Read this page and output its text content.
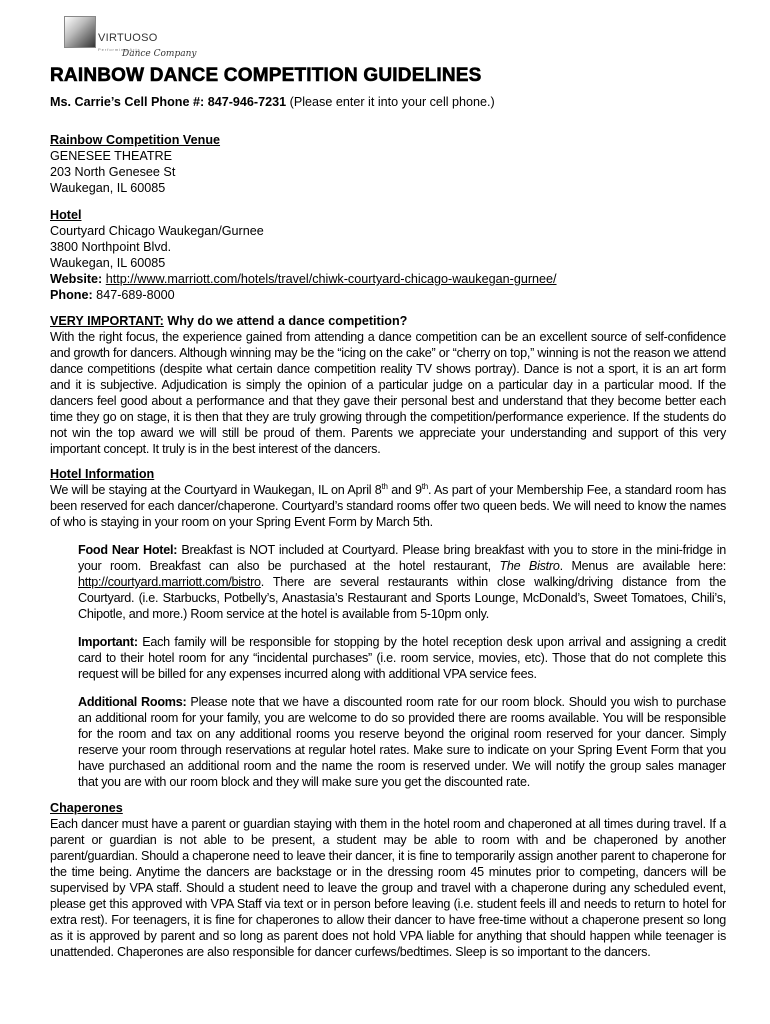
VIRTUOSO
Performing Arts
Dance Company
RAINBOW DANCE COMPETITION GUIDELINES

Ms. Carrie’s Cell Phone #: 847-946-7231 (Please enter it into your cell phone.)

Rainbow Competition Venue

GENESEE THEATRE

203 North Genesee St

Waukegan, IL 60085

Hotel

Courtyard Chicago Waukegan/Gurnee

3800 Northpoint Blvd.

Waukegan, IL 60085

Website: http://www.marriott.com/hotels/travel/chiwk-courtyard-chicago-waukegan-gurnee/

Phone: 847-689-8000

VERY IMPORTANT: Why do we attend a dance competition?

With the right focus, the experience gained from attending a dance competition can be an excellent source of self-confidence and growth for dancers. Although winning may be the “icing on the cake” or “cherry on top,” winning is not the reason we attend dance competitions (despite what certain dance competition reality TV shows portray). Dance is not a sport, it is an art form and it is subjective. Adjudication is simply the opinion of a particular judge on a particular day in a particular mood. If the dancers feel good about a performance and that they gave their personal best and understand that they become better each time they go on stage, it is then that they are truly growing through the competition/performance experience. If the students do not win the top award we will still be proud of them. Parents we appreciate your understanding and support of this very important concept. It truly is in the best interest of the dancers.

Hotel Information

We will be staying at the Courtyard in Waukegan, IL on April 8th and 9th. As part of your Membership Fee, a standard room has been reserved for each dancer/chaperone. Courtyard’s standard rooms offer two queen beds. We will need to know the names of who is staying in your room on your Spring Event Form by March 5th.

Food Near Hotel: Breakfast is NOT included at Courtyard. Please bring breakfast with you to store in the mini-fridge in your room. Breakfast can also be purchased at the hotel restaurant, The Bistro. Menus are available here: http://courtyard.marriott.com/bistro. There are several restaurants within close walking/driving distance from the Courtyard. (i.e. Starbucks, Potbelly’s, Anastasia’s Restaurant and Sports Lounge, McDonald’s, Sweet Tomatoes, Chili’s, Chipotle, and more.) Room service at the hotel is available from 5-10pm only.

Important: Each family will be responsible for stopping by the hotel reception desk upon arrival and assigning a credit card to their hotel room for any “incidental purchases” (i.e. room service, movies, etc). Those that do not complete this request will be billed for any expenses incurred along with additional VPA service fees.

Additional Rooms: Please note that we have a discounted room rate for our room block. Should you wish to purchase an additional room for your family, you are welcome to do so provided there are rooms available. You will be responsible for the room and tax on any additional rooms you reserve beyond the original room reserved for your dancer. Simply reserve your room through reservations at regular hotel rates. Make sure to indicate on your Spring Event Form that you have purchased an additional room and the name the room is reserved under. We will notify the group sales manager that you are with our room block and they will make sure you get the discounted rate.

Chaperones

Each dancer must have a parent or guardian staying with them in the hotel room and chaperoned at all times during travel. If a parent or guardian is not able to be present, a student may be able to room with and be chaperoned by another parent/guardian. Should a chaperone need to leave their dancer, it is fine to temporarily assign another parent to chaperone for the time being. Anytime the dancers are backstage or in the dressing room 45 minutes prior to competing, dancers will be supervised by VPA staff. Should a student need to leave the group and travel with a chaperone during any scheduled event, please get this approved with VPA Staff via text or in person before leaving (i.e. student feels ill and needs to return to hotel for extra rest). For teenagers, it is fine for chaperones to allow their dancer to have free-time without a chaperone present so long as it is approved by parent and so long as parent does not hold VPA liable for anything that should happen while teenager is unattended. Chaperones are also responsible for dancer curfews/bedtimes. Sleep is so important to the dancers.
